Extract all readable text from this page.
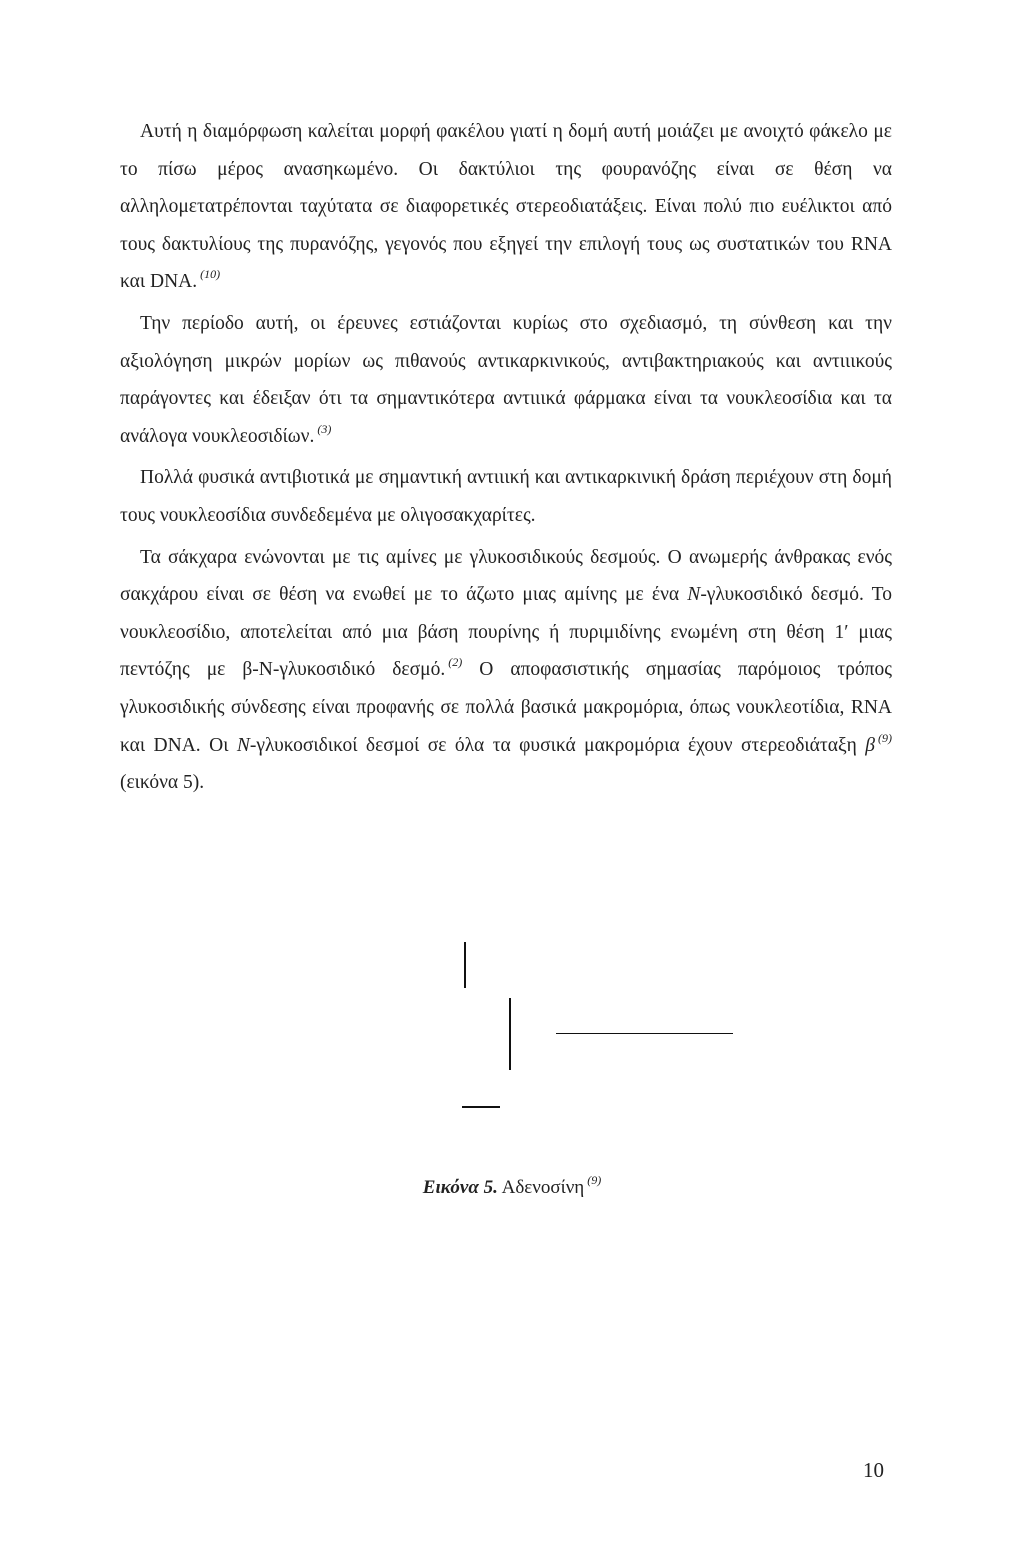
Αυτή η διαμόρφωση καλείται μορφή φακέλου γιατί η δομή αυτή μοιάζει με ανοιχτό φάκελο με το πίσω μέρος ανασηκωμένο. Οι δακτύλιοι της φουρανόζης είναι σε θέση να αλληλομετατρέπονται ταχύτατα σε διαφορετικές στερεοδιατάξεις. Είναι πολύ πιο ευέλικτοι από τους δακτυλίους της πυρανόζης, γεγονός που εξηγεί την επιλογή τους ως συστατικών του RNA και DNA. $^{(10)}$

Την περίοδο αυτή, οι έρευνες εστιάζονται κυρίως στο σχεδιασμό, τη σύνθεση και την αξιολόγηση μικρών μορίων ως πιθανούς αντικαρκινικούς, αντιβακτηριακούς και αντιιικούς παράγοντες και έδειξαν ότι τα σημαντικότερα αντιιικά φάρμακα είναι τα νουκλεοσίδια και τα ανάλογα νουκλεοσιδίων. $^{(3)}$

Πολλά φυσικά αντιβιοτικά με σημαντική αντιιική και αντικαρκινική δράση περιέχουν στη δομή τους νουκλεοσίδια συνδεδεμένα με ολιγοσακχαρίτες.

Τα σάκχαρα ενώνονται με τις αμίνες με γλυκοσιδικούς δεσμούς. Ο ανωμερής άνθρακας ενός σακχάρου είναι σε θέση να ενωθεί με το άζωτο μιας αμίνης με ένα N-γλυκοσιδικό δεσμό. Το νουκλεοσίδιο, αποτελείται από μια βάση πουρίνης ή πυριμιδίνης ενωμένη στη θέση 1′ μιας πεντόζης με β-Ν-γλυκοσιδικό δεσμό. $^{(2)}$ Ο αποφασιστικής σημασίας παρόμοιος τρόπος γλυκοσιδικής σύνδεσης είναι προφανής σε πολλά βασικά μακρομόρια, όπως νουκλεοτίδια, RNA και DNA. Οι N-γλυκοσιδικοί δεσμοί σε όλα τα φυσικά μακρομόρια έχουν στερεοδιάταξη β $^{(9)}$ (εικόνα 5).

Εικόνα 5. Αδενοσίνη $^{(9)}$
10
